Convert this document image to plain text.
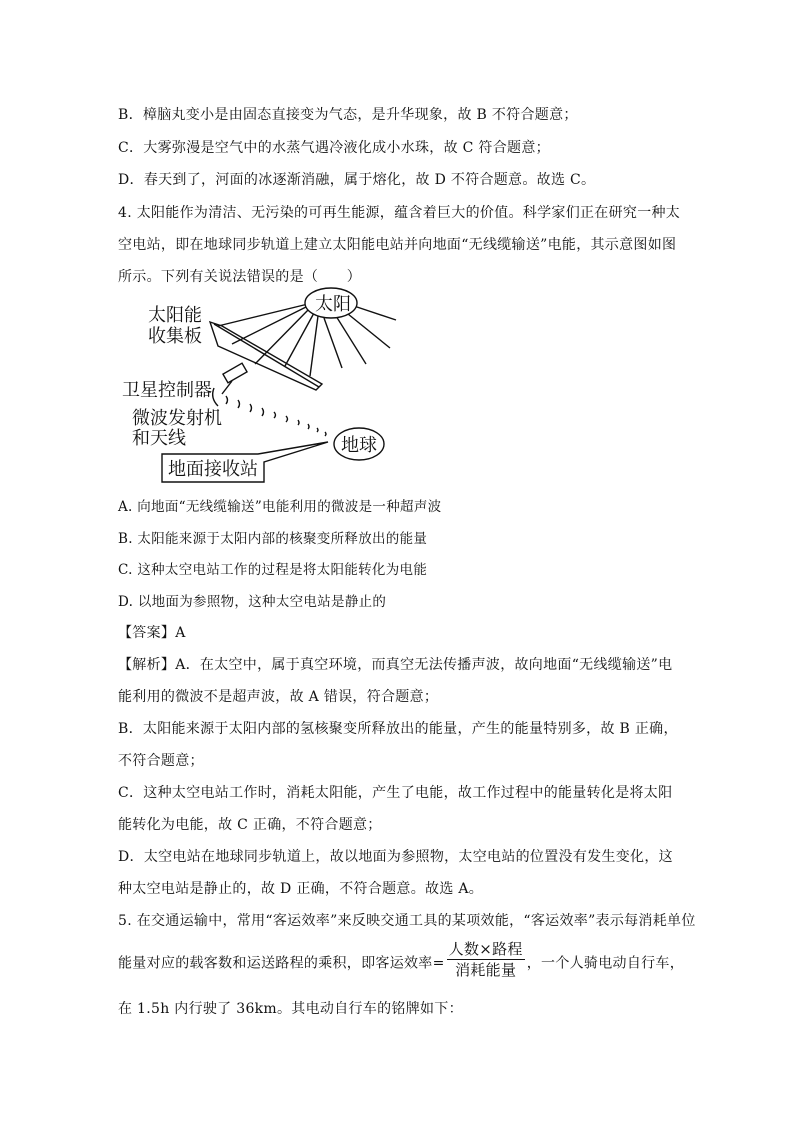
B．樟脑丸变小是由固态直接变为气态，是升华现象，故 B 不符合题意；
C．大雾弥漫是空气中的水蒸气遇冷液化成小水珠，故 C 符合题意；
D．春天到了，河面的冰逐渐消融，属于熔化，故 D 不符合题意。故选 C。
4. 太阳能作为清洁、无污染的可再生能源，蕴含着巨大的价值。科学家们正在研究一种太
空电站，即在地球同步轨道上建立太阳能电站并向地面“无线缆输送”电能，其示意图如图
所示。下列有关说法错误的是（　　）
太阳
太阳能
收集板
卫星控制器
微波发射机
和天线	地球
地面接收站
A. 向地面“无线缆输送”电能利用的微波是一种超声波
B. 太阳能来源于太阳内部的核聚变所释放出的能量
C. 这种太空电站工作的过程是将太阳能转化为电能
D. 以地面为参照物，这种太空电站是静止的
【答案】A
【解析】A．在太空中，属于真空环境，而真空无法传播声波，故向地面“无线缆输送”电
能利用的微波不是超声波，故 A 错误，符合题意；
B．太阳能来源于太阳内部的氢核聚变所释放出的能量，产生的能量特别多，故 B 正确，
不符合题意；
C．这种太空电站工作时，消耗太阳能，产生了电能，故工作过程中的能量转化是将太阳
能转化为电能，故 C 正确，不符合题意；
D．太空电站在地球同步轨道上，故以地面为参照物，太空电站的位置没有发生变化，这
种太空电站是静止的，故 D 正确，不符合题意。故选 A。
5. 在交通运输中，常用“客运效率”来反映交通工具的某项效能，“客运效率”表示每消耗单位
能量对应的载客数和运送路程的乘积，即客运效率= $\frac{\text{人数×路程}}{\text{消耗能量}}$ ，一个人骑电动自行车，
在 1.5h 内行驶了 36km。其电动自行车的铭牌如下：
